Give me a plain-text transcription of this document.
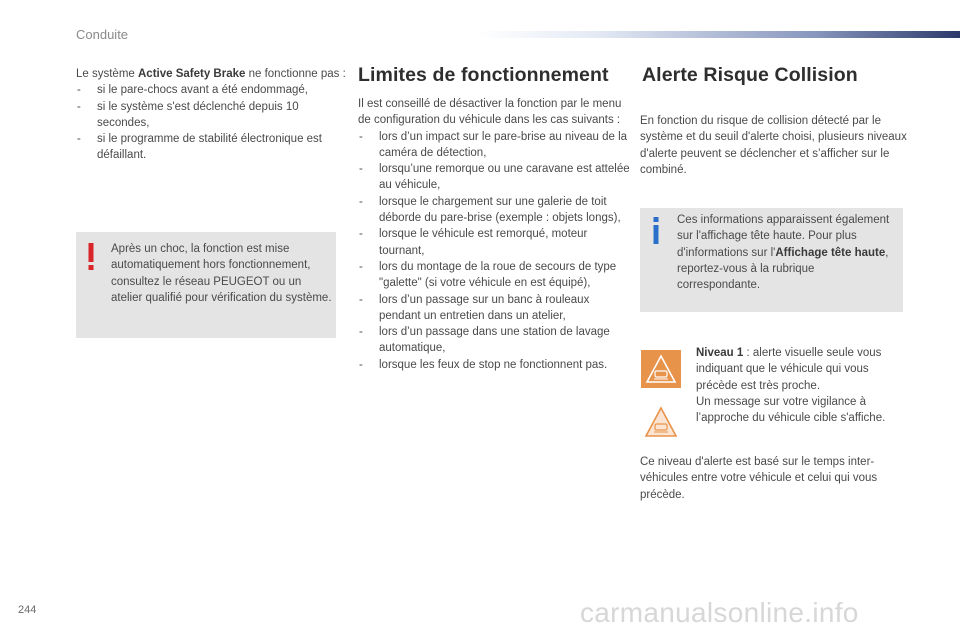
Conduite

Le système Active Safety Brake ne fonctionne pas :

-	si le pare-chocs avant a été endommagé,
-	si le système s'est déclenché depuis 10 secondes,
-	si le programme de stabilité électronique est défaillant.

Après un choc, la fonction est mise automatiquement hors fonctionnement, consultez le réseau PEUGEOT ou un atelier qualifié pour vérification du système.

Limites de fonctionnement

Il est conseillé de désactiver la fonction par le menu de configuration du véhicule dans les cas suivants :

-	lors d’un impact sur le pare-brise au niveau de la caméra de détection,
-	lorsqu’une remorque ou une caravane est attelée au véhicule,
-	lorsque le chargement sur une galerie de toit déborde du pare-brise (exemple : objets longs),
-	lorsque le véhicule est remorqué, moteur tournant,
-	lors du montage de la roue de secours de type "galette" (si votre véhicule en est équipé),
-	lors d’un passage sur un banc à rouleaux pendant un entretien dans un atelier,
-	lors d’un passage dans une station de lavage automatique,
-	lorsque les feux de stop ne fonctionnent pas.
Alerte Risque Collision

En fonction du risque de collision détecté par le système et du seuil d'alerte choisi, plusieurs niveaux d'alerte peuvent se déclencher et s’afficher sur le combiné.

Ces informations apparaissent également sur l'affichage tête haute. Pour plus d'informations sur l'Affichage tête haute, reportez-vous à la rubrique correspondante.

Niveau 1 : alerte visuelle seule vous indiquant que le véhicule qui vous précède est très proche.

Un message sur votre vigilance à l’approche du véhicule cible s'affiche.

Ce niveau d'alerte est basé sur le temps inter-véhicules entre votre véhicule et celui qui vous précède.

244	carmanualsonline.info
